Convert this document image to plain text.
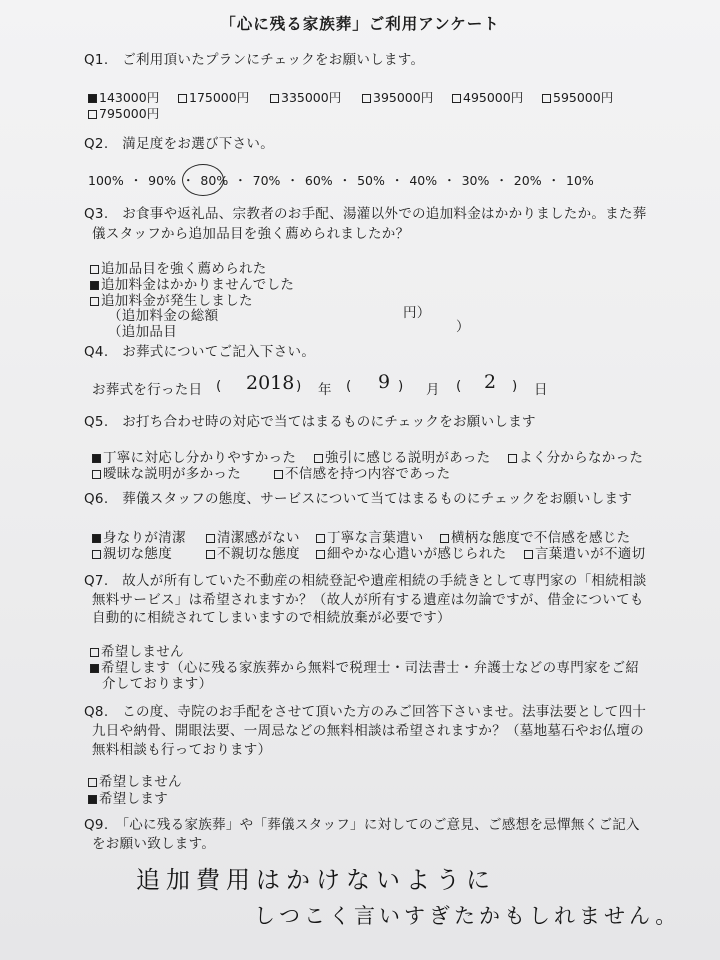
「心に残る家族葬」ご利用アンケート
Q1.　ご利用頂いたプランにチェックをお願いします。
143000円	175000円	335000円	395000円	495000円	595000円
795000円
Q2.　満足度をお選び下さい。
100% ・ 90% ・ 80% ・ 70% ・ 60% ・ 50% ・ 40% ・ 30% ・ 20% ・ 10%
Q3.　お食事や返礼品、宗教者のお手配、湯灌以外での追加料金はかかりましたか。また葬
儀スタッフから追加品目を強く薦められましたか？
追加品目を強く薦められた
追加料金はかかりませんでした
追加料金が発生しました
（追加料金の総額	円）
（追加品目	）
Q4.　お葬式についてご記入下さい。
お葬式を行った日 ( 2018 ) 年 ( 9 ) 月 ( 2 ) 日
Q5.　お打ち合わせ時の対応で当てはまるものにチェックをお願いします
丁寧に対応し分かりやすかった	強引に感じる説明があった	よく分からなかった
曖昧な説明が多かった	不信感を持つ内容であった
Q6.　葬儀スタッフの態度、サービスについて当てはまるものにチェックをお願いします
身なりが清潔	清潔感がない	丁寧な言葉遣い	横柄な態度で不信感を感じた
親切な態度	不親切な態度	細やかな心遣いが感じられた	言葉遣いが不適切
Q7.　故人が所有していた不動産の相続登記や遺産相続の手続きとして専門家の「相続相談
無料サービス」は希望されますか？（故人が所有する遺産は勿論ですが、借金についても
自動的に相続されてしまいますので相続放棄が必要です）
希望しません
希望します（心に残る家族葬から無料で税理士・司法書士・弁護士などの専門家をご紹
介しております）
Q8.　この度、寺院のお手配をさせて頂いた方のみご回答下さいませ。法事法要として四十
九日や納骨、開眼法要、一周忌などの無料相談は希望されますか？（墓地墓石やお仏壇の
無料相談も行っております）
希望しません
希望します
Q9.　「心に残る家族葬」や「葬儀スタッフ」に対してのご意見、ご感想を忌憚無くご記入
をお願い致します。
追加費用はかけないように
しつこく言いすぎたかもしれません。
